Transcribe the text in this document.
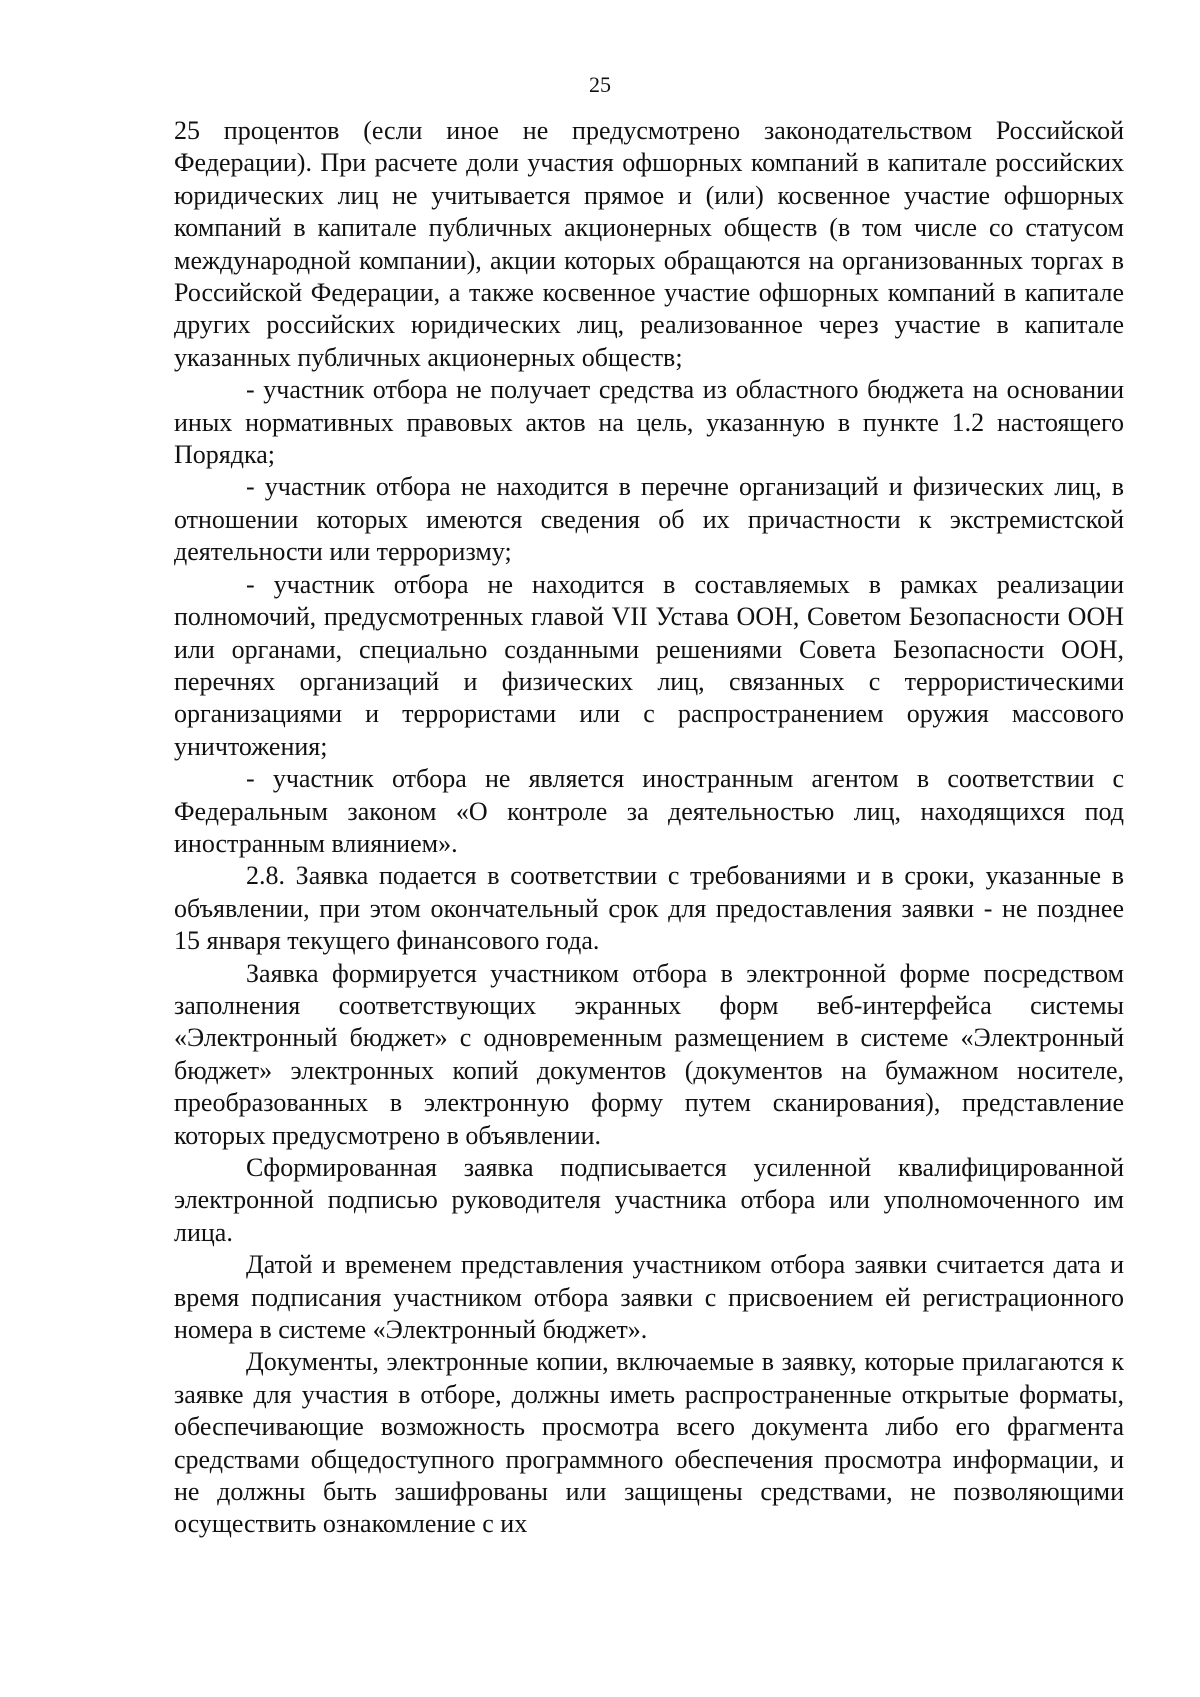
25

25 процентов (если иное не предусмотрено законодательством Российской Федерации). При расчете доли участия офшорных компаний в капитале российских юридических лиц не учитывается прямое и (или) косвенное участие офшорных компаний в капитале публичных акционерных обществ (в том числе со статусом международной компании), акции которых обращаются на организованных торгах в Российской Федерации, а также косвенное участие офшорных компаний в капитале других российских юридических лиц, реализованное через участие в капитале указанных публичных акционерных обществ;

- участник отбора не получает средства из областного бюджета на основании иных нормативных правовых актов на цель, указанную в пункте 1.2 настоящего Порядка;

- участник отбора не находится в перечне организаций и физических лиц, в отношении которых имеются сведения об их причастности к экстремистской деятельности или терроризму;

- участник отбора не находится в составляемых в рамках реализации полномочий, предусмотренных главой VII Устава ООН, Советом Безопасности ООН или органами, специально созданными решениями Совета Безопасности ООН, перечнях организаций и физических лиц, связанных с террористическими организациями и террористами или с распространением оружия массового уничтожения;

- участник отбора не является иностранным агентом в соответствии с Федеральным законом «О контроле за деятельностью лиц, находящихся под иностранным влиянием».

2.8. Заявка подается в соответствии с требованиями и в сроки, указанные в объявлении, при этом окончательный срок для предоставления заявки - не позднее 15 января текущего финансового года.

Заявка формируется участником отбора в электронной форме посредством заполнения соответствующих экранных форм веб-интерфейса системы «Электронный бюджет» с одновременным размещением в системе «Электронный бюджет» электронных копий документов (документов на бумажном носителе, преобразованных в электронную форму путем сканирования), представление которых предусмотрено в объявлении.

Сформированная заявка подписывается усиленной квалифицированной электронной подписью руководителя участника отбора или уполномоченного им лица.

Датой и временем представления участником отбора заявки считается дата и время подписания участником отбора заявки с присвоением ей регистрационного номера в системе «Электронный бюджет».

Документы, электронные копии, включаемые в заявку, которые прилагаются к заявке для участия в отборе, должны иметь распространенные открытые форматы, обеспечивающие возможность просмотра всего документа либо его фрагмента средствами общедоступного программного обеспечения просмотра информации, и не должны быть зашифрованы или защищены средствами, не позволяющими осуществить ознакомление с их
